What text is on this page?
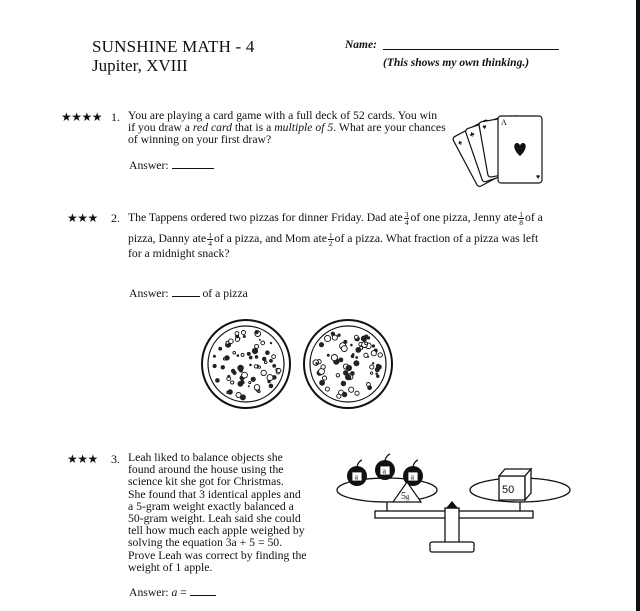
SUNSHINE MATH - 4
Jupiter, XVIII
Name:
(This shows my own thinking.)
★★★★ 1. You are playing a card game with a full deck of 52 cards. You win
if you draw a red card that is a multiple of 5. What are your chances
of winning on your first draw?
Answer:
♠
♣
♥
A
♥
★★★ 2. The Tappens ordered two pizzas for dinner Friday. Dad ate $\frac{3}{4}$ of one pizza, Jenny ate $\frac{1}{8}$ of a
pizza, Danny ate $\frac{1}{4}$ of a pizza, and Mom ate $\frac{1}{2}$ of a pizza. What fraction of a pizza was left
for a midnight snack?
Answer:	of a pizza
★★★ 3. Leah liked to balance objects she
found around the house using the
science kit she got for Christmas.
She found that 3 identical apples and
a 5-gram weight exactly balanced a
50-gram weight. Leah said she could
tell how much each apple weighed by
solving the equation 3a + 5 = 50.
Prove Leah was correct by finding the
weight of 1 apple.
Answer: a =
a
a
a
5g
50
